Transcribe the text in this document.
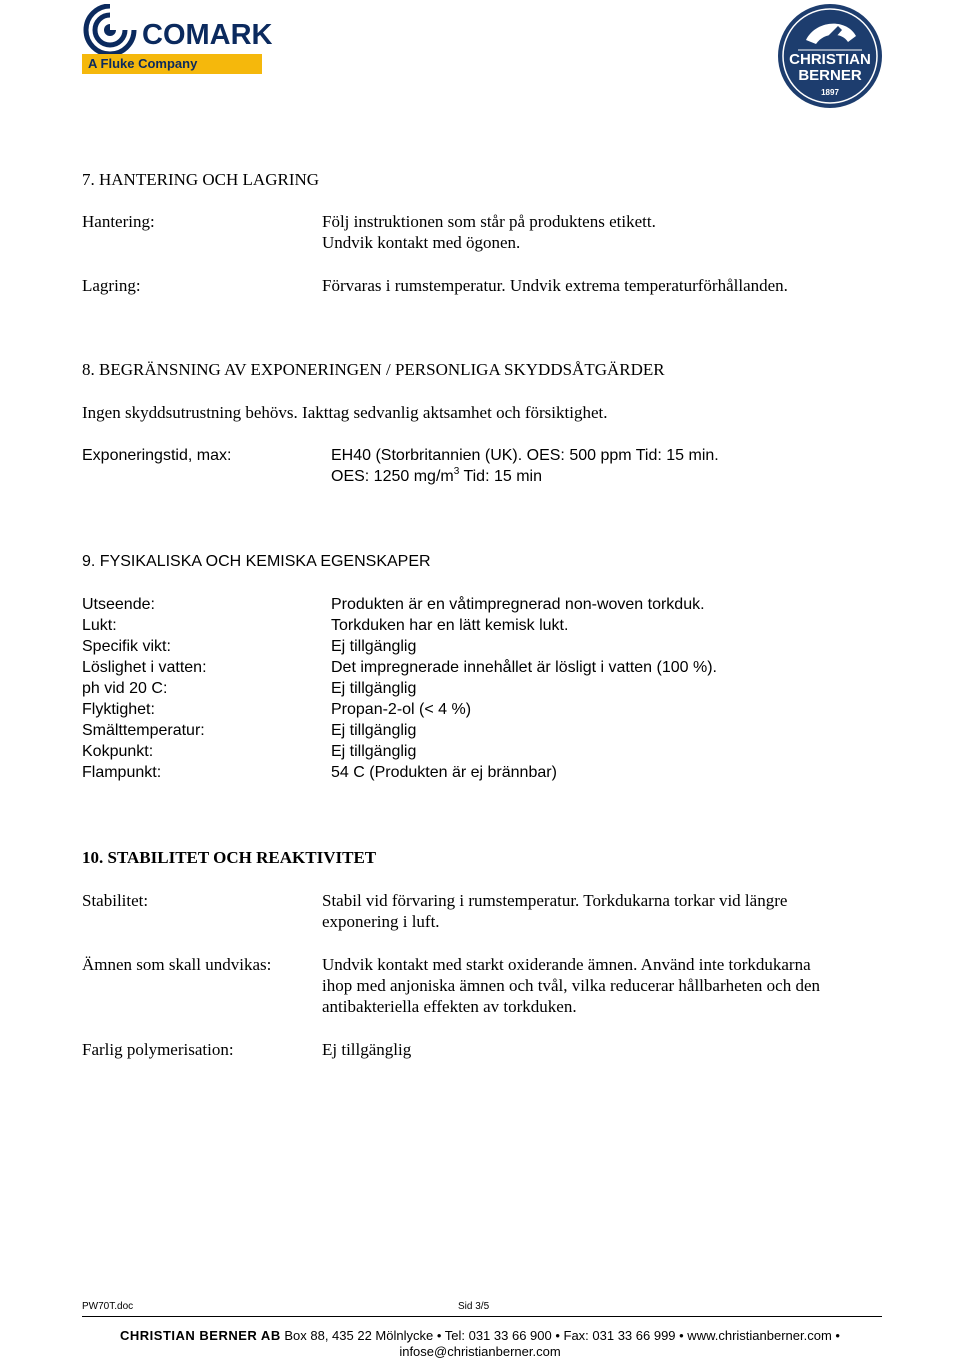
COMARK
A Fluke Company	CHRISTIAN
BERNER
1897
7. HANTERING OCH LAGRING
Hantering:	Följ instruktionen som står på produktens etikett.
Undvik kontakt med ögonen.
Lagring:	Förvaras i rumstemperatur. Undvik extrema temperaturförhållanden.
8. BEGRÄNSNING AV EXPONERINGEN / PERSONLIGA SKYDDSÅTGÄRDER
Ingen skyddsutrustning behövs. Iakttag sedvanlig aktsamhet och försiktighet.
Exponeringstid, max:	EH40 (Storbritannien (UK). OES: 500 ppm Tid: 15 min.
OES: 1250 $mg/m^3$ Tid: 15 min
9. FYSIKALISKA OCH KEMISKA EGENSKAPER
Utseende:	Produkten är en våtimpregnerad non-woven torkduk.
Lukt:	Torkduken har en lätt kemisk lukt.
Specifik vikt:	Ej tillgänglig
Löslighet i vatten:	Det impregnerade innehållet är lösligt i vatten (100 %).
ph vid 20 C:	Ej tillgänglig
Flyktighet:	Propan-2-ol (< 4 %)
Smälttemperatur:	Ej tillgänglig
Kokpunkt:	Ej tillgänglig
Flampunkt:	54 C (Produkten är ej brännbar)
10. STABILITET OCH REAKTIVITET
Stabilitet:	Stabil vid förvaring i rumstemperatur. Torkdukarna torkar vid längre
exponering i luft.
Ämnen som skall undvikas:	Undvik kontakt med starkt oxiderande ämnen. Använd inte torkdukarna
ihop med anjoniska ämnen och tvål, vilka reducerar hållbarheten och den
antibakteriella effekten av torkduken.
Farlig polymerisation:	Ej tillgänglig
PW70T.doc	Sid 3/5
CHRISTIAN BERNER AB Box 88, 435 22 Mölnlycke • Tel: 031 33 66 900 • Fax: 031 33 66 999 • www.christianberner.com •
infose@christianberner.com
